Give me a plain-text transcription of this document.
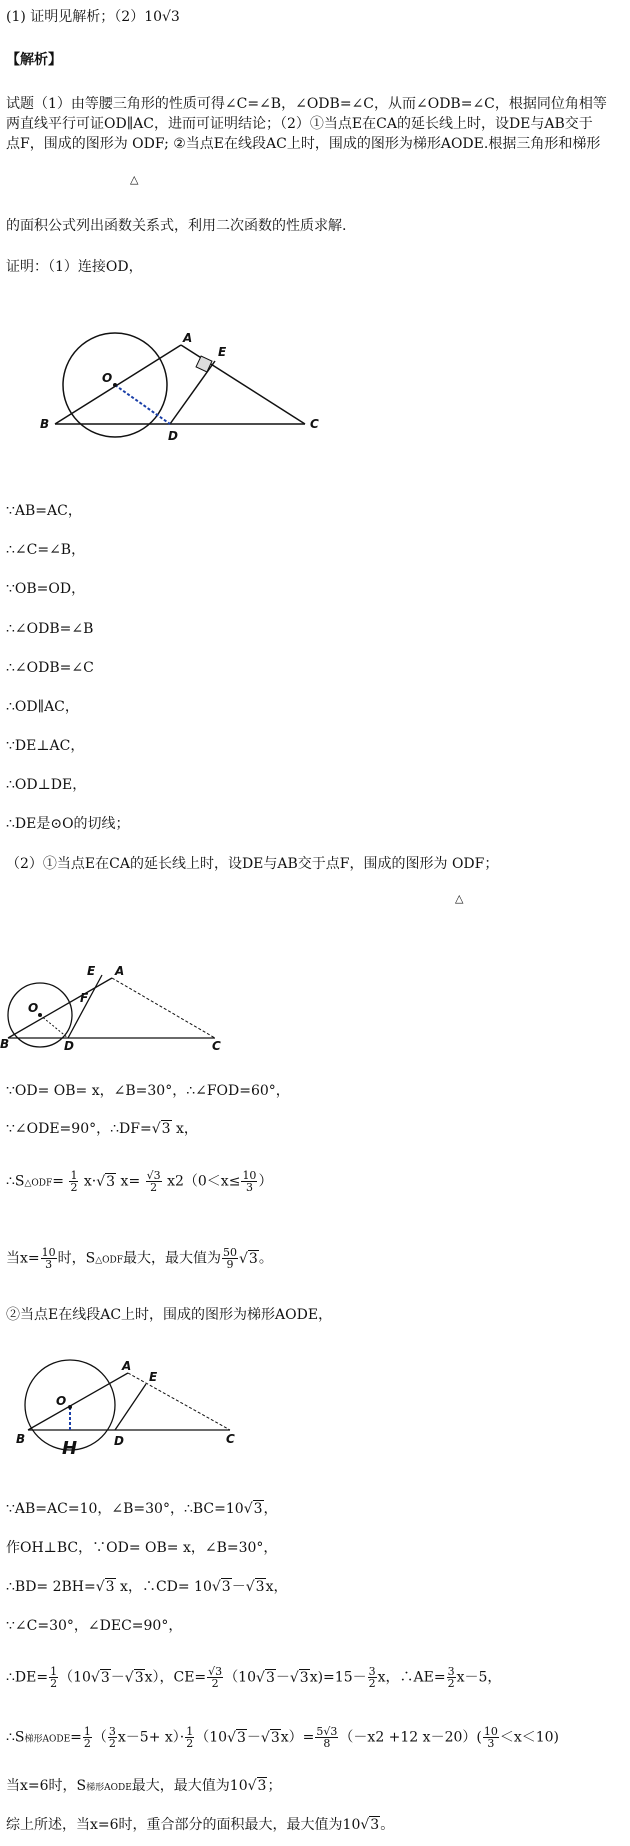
(1) 证明见解析；（2）10√3
【解析】
试题（1）由等腰三角形的性质可得∠C=∠B，∠ODB=∠C，从而∠ODB=∠C，根据同位角相等
两直线平行可证OD∥AC，进而可证明结论；（2）①当点E在CA的延长线上时，设DE与AB交于
点F，围成的图形为 ODF; ②当点E在线段AC上时，围成的图形为梯形AODE.根据三角形和梯形
△
的面积公式列出函数关系式，利用二次函数的性质求解.
证明：（1）连接OD，
A
E
O
B
D
C
∵AB=AC，
∴∠C=∠B，
∵OB=OD，
∴∠ODB=∠B
∴∠ODB=∠C
∴OD∥AC，
∵DE⊥AC，
∴OD⊥DE，
∴DE是⊙O的切线；
（2）①当点E在CA的延长线上时，设DE与AB交于点F，围成的图形为 ODF；
△
E A
F
O
B	D	C
∵OD= OB= x，∠B=30°，∴∠FOD=60°，
∵∠ODE=90°，∴DF=√ 3 x，
∴S△ODF= $\frac{1}{2} x\cdot√$ 3 $x= \frac{√3}{2} x2(0<x\le \frac{10}{3}$ ）
当$x= \frac{10}{3}$ 时，S△ODF最大，最大值为 $\frac{50}{9}$
√ 3。
②当点E在线段AC上时，围成的图形为梯形AODE，
A
E
O
B H	D	C
∵AB=AC=10，∠B=30°，∴BC=10√ 3，
作OH⊥BC，∵OD= OB= x，∠B=30°，
∴BD= 2BH=√ 3 x，∴CD= 10√ 3－√ 3x，
∵∠C=30°，∠DEC=90°，
∴DE= $\frac{1}{2} (10√$ 3－√ 3x），$CE= \frac{√3}{2} (10√$ 3－√ $3x)=15- \frac{3}{2}$ x，∴AE= $\frac{3}{2} x-5$，
∴S梯形AODE= $\frac{1}{2}$ （ $\frac{3}{2} x-5+ x)\cdot \frac{1}{2} (10√$ 3－√ $3x)= \frac{5√3}{8} (-x2 +12$ $x-20)( \frac{10}{3} <x<10)$
当x=6时，S梯形AODE最大，最大值为10√ 3；
综上所述，当x=6时，重合部分的面积最大，最大值为10√ 3。
